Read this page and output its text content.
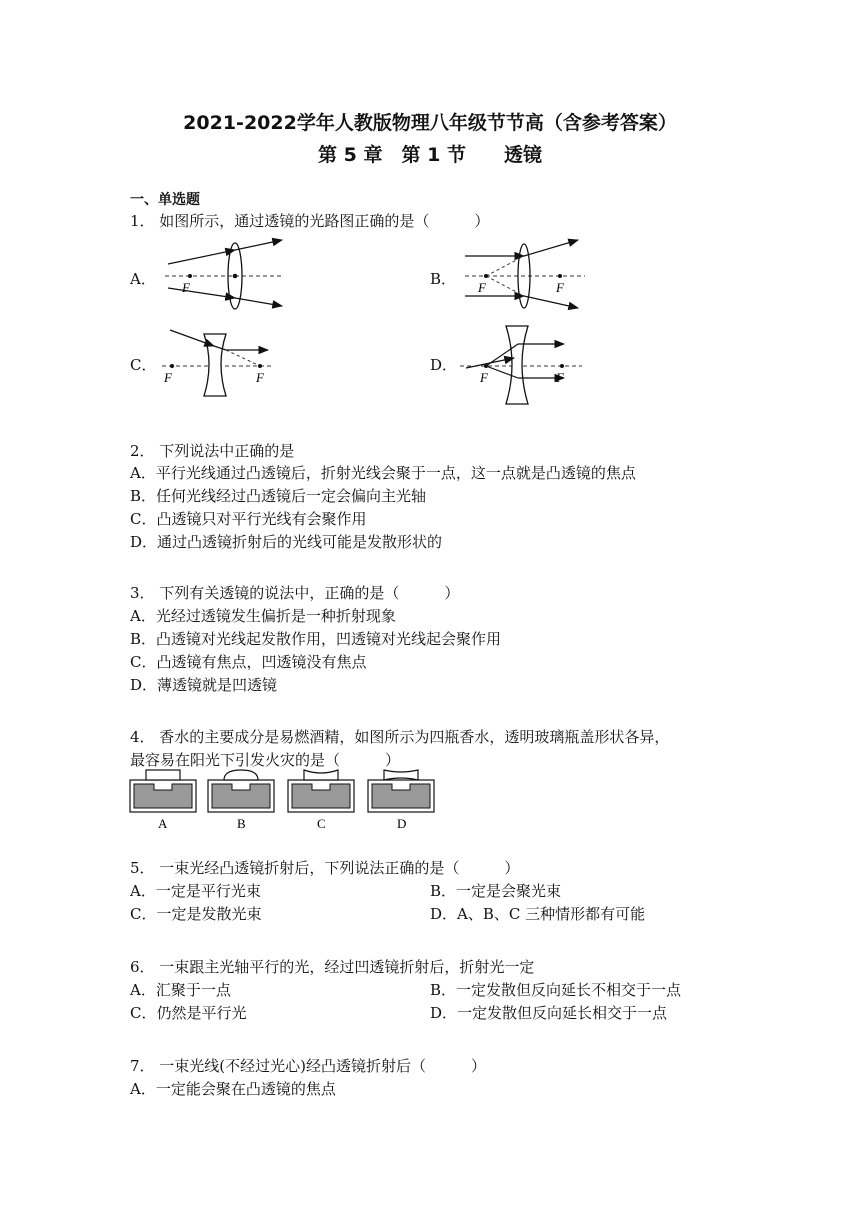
2021-2022学年人教版物理八年级节节高（含参考答案）
第 5 章　第 1 节　　透镜
一、单选题
1． 如图所示，通过透镜的光路图正确的是（　　　）
A． F	B． F	F
C．
F	F
D．
F	F
2． 下列说法中正确的是
A．平行光线通过凸透镜后，折射光线会聚于一点，这一点就是凸透镜的焦点
B．任何光线经过凸透镜后一定会偏向主光轴
C．凸透镜只对平行光线有会聚作用
D．通过凸透镜折射后的光线可能是发散形状的
3． 下列有关透镜的说法中，正确的是（　　　）
A．光经过透镜发生偏折是一种折射现象
B．凸透镜对光线起发散作用，凹透镜对光线起会聚作用
C．凸透镜有焦点，凹透镜没有焦点
D．薄透镜就是凹透镜
4． 香水的主要成分是易燃酒精，如图所示为四瓶香水，透明玻璃瓶盖形状各异，
最容易在阳光下引发火灾的是（　　　）
A	B	C	D
5． 一束光经凸透镜折射后，下列说法正确的是（　　　）
A．一定是平行光束	B．一定是会聚光束
C．一定是发散光束	D．A、B、C 三种情形都有可能
6． 一束跟主光轴平行的光，经过凹透镜折射后，折射光一定
A．汇聚于一点	B．一定发散但反向延长不相交于一点
C．仍然是平行光	D．一定发散但反向延长相交于一点
7． 一束光线(不经过光心)经凸透镜折射后（　　　）
A．一定能会聚在凸透镜的焦点
